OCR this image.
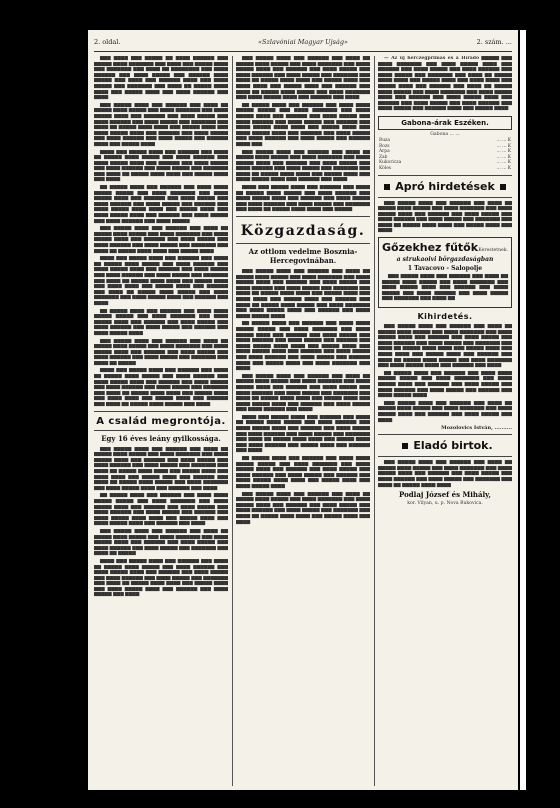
2. oldal.	«Szlavóniai Magyar Ujság»	2. szám. ...

▆▆▆ ▆▆▆▆ ▆▆▆ ▆▆▆▆▆ ▆▆ ▆▆▆▆ ▆▆▆▆▆▆ ▆▆▆ ▆▆▆▆▆ ▆▆▆▆ ▆▆▆▆▆▆▆ ▆▆▆ ▆▆▆▆ ▆▆▆ ▆▆▆▆▆ ▆▆▆▆ ▆▆▆ ▆▆▆▆▆▆▆ ▆▆▆ ▆▆▆▆ ▆▆ ▆▆▆▆▆▆▆▆ ▆▆▆ ▆▆▆▆ ▆▆▆▆▆▆ ▆▆▆ ▆▆▆▆ ▆▆▆▆▆ ▆▆▆ ▆▆▆▆▆▆ ▆▆▆▆ ▆▆▆▆▆ ▆▆▆ ▆▆▆▆ ▆▆▆ ▆▆▆▆▆▆ ▆▆▆▆ ▆▆▆ ▆▆▆▆ ▆▆▆▆▆ ▆▆▆ ▆▆▆▆▆▆▆ ▆▆▆ ▆▆▆▆ ▆▆ ▆▆▆▆▆ ▆▆▆▆ ▆▆▆▆ ▆▆▆ ▆▆▆▆▆ ▆▆▆▆ ▆▆▆ ▆▆▆▆ ▆▆▆▆▆▆ ▆▆▆ ▆▆▆▆

▆▆▆ ▆▆▆▆▆ ▆▆▆▆ ▆▆▆ ▆▆▆▆▆▆ ▆▆▆ ▆▆▆▆ ▆▆ ▆▆▆▆▆ ▆▆▆▆ ▆▆▆▆▆ ▆▆▆ ▆▆▆▆ ▆▆▆▆▆▆▆ ▆▆▆ ▆▆▆▆ ▆▆▆▆▆ ▆▆▆▆ ▆▆▆ ▆▆▆▆▆▆ ▆▆▆ ▆▆▆▆ ▆▆▆▆▆ ▆▆▆ ▆▆▆▆ ▆▆▆▆▆▆ ▆▆▆ ▆▆▆▆ ▆▆▆▆▆ ▆▆▆ ▆▆▆▆▆▆▆ ▆▆▆ ▆▆▆▆ ▆▆ ▆▆▆▆▆ ▆▆▆▆ ▆▆▆▆ ▆▆▆ ▆▆▆▆▆ ▆▆▆▆ ▆▆▆ ▆▆▆▆ ▆▆▆▆▆ ▆▆▆▆ ▆▆▆ ▆▆▆▆▆▆ ▆▆▆ ▆▆▆▆ ▆▆▆▆▆ ▆▆▆ ▆▆▆▆ ▆▆▆▆▆▆ ▆▆▆ ▆▆▆▆ ▆▆▆▆▆ ▆▆▆ ▆▆▆▆▆▆ ▆▆▆▆ ▆▆▆ ▆▆▆▆▆ ▆▆▆▆

▆▆▆▆ ▆▆▆ ▆▆▆▆▆ ▆▆▆▆ ▆▆▆ ▆▆▆▆▆▆ ▆▆▆ ▆▆▆▆ ▆▆ ▆▆▆▆▆ ▆▆▆▆ ▆▆▆▆▆ ▆▆▆ ▆▆▆▆ ▆▆▆▆▆▆ ▆▆▆ ▆▆▆▆ ▆▆▆▆▆ ▆▆▆▆ ▆▆▆ ▆▆▆▆▆▆ ▆▆▆ ▆▆▆▆ ▆▆▆▆▆ ▆▆▆ ▆▆▆▆ ▆▆▆▆▆▆ ▆▆▆ ▆▆▆▆ ▆▆▆▆▆ ▆▆▆ ▆▆▆▆▆▆▆ ▆▆▆ ▆▆▆▆ ▆▆ ▆▆▆▆▆ ▆▆▆▆ ▆▆▆▆ ▆▆▆ ▆▆▆▆▆ ▆▆▆▆ ▆▆▆ ▆▆▆▆

▆▆ ▆▆▆▆▆ ▆▆▆▆ ▆▆▆ ▆▆▆▆▆▆ ▆▆▆ ▆▆▆▆ ▆▆▆▆ ▆▆▆▆▆ ▆▆▆▆▆ ▆▆▆ ▆▆▆▆ ▆▆▆▆▆▆▆ ▆▆▆ ▆▆▆▆ ▆▆▆▆▆ ▆▆▆▆ ▆▆▆ ▆▆▆▆▆▆ ▆▆▆ ▆▆▆▆ ▆▆▆▆▆ ▆▆▆ ▆▆▆▆ ▆▆▆▆▆▆ ▆▆▆ ▆▆▆▆ ▆▆▆▆▆ ▆▆▆ ▆▆▆▆▆▆ ▆▆▆ ▆▆▆▆ ▆▆▆▆▆ ▆▆▆▆ ▆▆▆▆ ▆▆▆ ▆▆▆▆▆ ▆▆▆▆ ▆▆▆ ▆▆▆▆ ▆▆▆▆▆ ▆▆▆▆ ▆▆▆ ▆▆▆▆▆▆ ▆▆▆ ▆▆▆▆ ▆▆▆▆▆ ▆▆▆ ▆▆▆▆ ▆▆▆▆▆▆ ▆▆▆ ▆▆▆▆ ▆▆▆▆▆

▆▆▆ ▆▆▆▆▆ ▆▆▆▆ ▆▆▆ ▆▆▆▆▆▆ ▆▆▆ ▆▆▆▆ ▆▆ ▆▆▆▆▆ ▆▆▆▆ ▆▆▆▆▆ ▆▆▆ ▆▆▆▆ ▆▆▆▆▆▆▆ ▆▆▆ ▆▆▆▆ ▆▆▆▆▆ ▆▆▆▆ ▆▆▆ ▆▆▆▆▆▆ ▆▆▆ ▆▆▆▆ ▆▆▆▆▆ ▆▆▆ ▆▆▆▆ ▆▆▆▆▆▆ ▆▆▆ ▆▆▆▆ ▆▆▆▆▆ ▆▆▆ ▆▆▆▆▆▆▆ ▆▆▆ ▆▆▆▆ ▆▆ ▆▆▆▆▆ ▆▆▆▆ ▆▆▆▆ ▆▆▆ ▆▆▆▆▆ ▆▆▆▆

▆▆▆▆ ▆▆▆ ▆▆▆▆▆ ▆▆▆▆ ▆▆▆ ▆▆▆▆▆▆ ▆▆▆ ▆▆▆▆ ▆▆ ▆▆▆▆▆ ▆▆▆▆ ▆▆▆▆▆ ▆▆▆ ▆▆▆▆ ▆▆▆▆▆▆ ▆▆▆ ▆▆▆▆ ▆▆▆▆▆ ▆▆▆▆ ▆▆▆ ▆▆▆▆▆▆ ▆▆▆ ▆▆▆▆ ▆▆▆▆▆ ▆▆▆ ▆▆▆▆ ▆▆▆▆▆▆ ▆▆▆ ▆▆▆▆ ▆▆▆▆▆ ▆▆▆ ▆▆▆▆▆▆▆ ▆▆▆ ▆▆▆▆ ▆▆ ▆▆▆▆▆ ▆▆▆▆ ▆▆▆▆ ▆▆▆ ▆▆▆▆▆ ▆▆▆▆ ▆▆▆ ▆▆▆▆ ▆▆▆▆ ▆▆▆ ▆▆▆▆▆ ▆▆▆▆ ▆▆▆ ▆▆▆▆▆▆ ▆▆▆ ▆▆▆▆ ▆▆ ▆▆▆▆▆ ▆▆▆▆ ▆▆▆▆▆ ▆▆▆ ▆▆▆▆ ▆▆▆▆▆▆▆ ▆▆▆ ▆▆▆▆ ▆▆▆▆▆ ▆▆▆▆ ▆▆▆ ▆▆▆▆▆▆ ▆▆▆ ▆▆▆▆

▆▆ ▆▆▆▆▆ ▆▆▆▆ ▆▆▆ ▆▆▆▆▆▆ ▆▆▆ ▆▆▆▆ ▆▆▆▆ ▆▆▆▆▆ ▆▆▆▆▆ ▆▆▆ ▆▆▆▆ ▆▆▆▆▆▆▆ ▆▆▆ ▆▆▆▆ ▆▆▆▆▆ ▆▆▆▆ ▆▆▆ ▆▆▆▆▆▆ ▆▆▆ ▆▆▆▆ ▆▆▆▆▆ ▆▆▆ ▆▆▆▆ ▆▆▆▆▆▆ ▆▆▆ ▆▆▆▆ ▆▆▆▆▆ ▆▆▆ ▆▆▆▆▆▆ ▆▆▆ ▆▆▆▆ ▆▆▆▆▆ ▆▆▆▆

▆▆▆ ▆▆▆▆▆ ▆▆▆▆ ▆▆▆ ▆▆▆▆▆▆ ▆▆▆ ▆▆▆▆ ▆▆ ▆▆▆▆▆ ▆▆▆▆ ▆▆▆▆▆ ▆▆▆ ▆▆▆▆ ▆▆▆▆▆▆▆ ▆▆▆ ▆▆▆▆ ▆▆▆▆▆ ▆▆▆▆ ▆▆▆ ▆▆▆▆▆▆ ▆▆▆ ▆▆▆▆ ▆▆▆▆▆ ▆▆▆ ▆▆▆▆ ▆▆▆▆▆▆ ▆▆▆ ▆▆▆▆ ▆▆▆▆▆ ▆▆▆ ▆▆▆▆▆▆▆ ▆▆▆ ▆▆▆▆ ▆▆ ▆▆▆▆▆

▆▆▆▆ ▆▆▆ ▆▆▆▆▆ ▆▆▆▆ ▆▆▆ ▆▆▆▆▆▆ ▆▆▆ ▆▆▆▆ ▆▆ ▆▆▆▆▆ ▆▆▆▆ ▆▆▆▆▆ ▆▆▆ ▆▆▆▆ ▆▆▆▆▆▆ ▆▆▆ ▆▆▆▆ ▆▆▆▆▆ ▆▆▆▆ ▆▆▆ ▆▆▆▆▆▆ ▆▆▆ ▆▆▆▆ ▆▆▆▆▆ ▆▆▆ ▆▆▆▆ ▆▆▆▆▆▆ ▆▆▆ ▆▆▆▆ ▆▆▆▆▆ ▆▆▆ ▆▆▆▆▆▆▆ ▆▆▆ ▆▆▆▆ ▆▆ ▆▆▆▆▆ ▆▆▆▆ ▆▆▆▆ ▆▆▆ ▆▆▆▆▆ ▆▆▆▆ ▆▆▆ ▆▆▆▆ ▆▆▆▆ ▆▆▆ ▆▆▆▆▆ ▆▆▆▆ ▆▆▆ ▆▆▆▆▆▆ ▆▆▆ ▆▆▆▆ ▆▆ ▆▆▆▆▆ ▆▆▆▆ ▆▆▆▆▆ ▆▆▆ ▆▆▆▆

A család megrontója.
Egy 16 éves leány gyilkossága.

▆▆▆ ▆▆▆▆▆ ▆▆▆▆ ▆▆▆ ▆▆▆▆▆▆ ▆▆▆ ▆▆▆▆ ▆▆ ▆▆▆▆▆ ▆▆▆▆ ▆▆▆▆▆ ▆▆▆ ▆▆▆▆ ▆▆▆▆▆▆▆ ▆▆▆ ▆▆▆▆ ▆▆▆▆▆ ▆▆▆▆ ▆▆▆ ▆▆▆▆▆▆ ▆▆▆ ▆▆▆▆ ▆▆▆▆▆ ▆▆▆ ▆▆▆▆ ▆▆▆▆▆▆ ▆▆▆ ▆▆▆▆ ▆▆▆▆▆ ▆▆▆ ▆▆▆▆▆▆▆ ▆▆▆ ▆▆▆▆ ▆▆ ▆▆▆▆▆ ▆▆▆▆ ▆▆▆▆ ▆▆▆ ▆▆▆▆▆ ▆▆▆▆ ▆▆▆ ▆▆▆▆ ▆▆▆▆ ▆▆▆ ▆▆▆▆▆ ▆▆▆▆ ▆▆▆ ▆▆▆▆▆▆ ▆▆▆ ▆▆▆▆ ▆▆ ▆▆▆▆▆ ▆▆▆▆ ▆▆▆▆▆ ▆▆▆ ▆▆▆▆ ▆▆▆▆▆▆▆ ▆▆▆ ▆▆▆▆ ▆▆▆▆▆ ▆▆▆▆ ▆▆▆ ▆▆▆▆▆▆ ▆▆▆ ▆▆▆▆

▆▆ ▆▆▆▆▆ ▆▆▆▆ ▆▆▆ ▆▆▆▆▆▆ ▆▆▆ ▆▆▆▆ ▆▆▆▆ ▆▆▆▆▆ ▆▆▆▆▆ ▆▆▆ ▆▆▆▆ ▆▆▆▆▆▆▆ ▆▆▆ ▆▆▆▆ ▆▆▆▆▆ ▆▆▆▆ ▆▆▆ ▆▆▆▆▆▆ ▆▆▆ ▆▆▆▆ ▆▆▆▆▆ ▆▆▆ ▆▆▆▆ ▆▆▆▆▆▆ ▆▆▆ ▆▆▆▆ ▆▆▆▆▆ ▆▆▆ ▆▆▆▆▆▆ ▆▆▆ ▆▆▆▆ ▆▆▆▆▆ ▆▆▆▆ ▆▆▆▆ ▆▆▆ ▆▆▆▆▆ ▆▆▆▆ ▆▆▆ ▆▆▆▆ ▆▆▆▆▆ ▆▆▆▆ ▆▆▆ ▆▆▆▆▆▆ ▆▆▆ ▆▆▆▆

▆▆▆ ▆▆▆▆▆ ▆▆▆▆ ▆▆▆ ▆▆▆▆▆▆ ▆▆▆ ▆▆▆▆ ▆▆ ▆▆▆▆▆ ▆▆▆▆ ▆▆▆▆▆ ▆▆▆ ▆▆▆▆ ▆▆▆▆▆▆▆ ▆▆▆ ▆▆▆▆ ▆▆▆▆▆ ▆▆▆▆ ▆▆▆ ▆▆▆▆▆▆ ▆▆▆ ▆▆▆▆ ▆▆▆▆▆ ▆▆▆ ▆▆▆▆ ▆▆▆▆▆▆ ▆▆▆ ▆▆▆▆ ▆▆▆▆▆ ▆▆▆ ▆▆▆▆▆▆▆ ▆▆▆ ▆▆▆▆ ▆▆ ▆▆▆▆▆

▆▆▆▆ ▆▆▆ ▆▆▆▆▆ ▆▆▆▆ ▆▆▆ ▆▆▆▆▆▆ ▆▆▆ ▆▆▆▆ ▆▆ ▆▆▆▆▆ ▆▆▆▆ ▆▆▆▆▆ ▆▆▆ ▆▆▆▆ ▆▆▆▆▆▆ ▆▆▆ ▆▆▆▆ ▆▆▆▆▆ ▆▆▆▆ ▆▆▆ ▆▆▆▆▆▆ ▆▆▆ ▆▆▆▆ ▆▆▆▆▆ ▆▆▆ ▆▆▆▆ ▆▆▆▆▆▆ ▆▆▆ ▆▆▆▆ ▆▆▆▆▆ ▆▆▆ ▆▆▆▆▆▆▆ ▆▆▆ ▆▆▆▆ ▆▆ ▆▆▆▆▆ ▆▆▆▆ ▆▆▆▆ ▆▆▆ ▆▆▆▆▆ ▆▆▆▆ ▆▆▆ ▆▆▆▆ ▆▆▆▆▆ ▆▆▆▆ ▆▆▆ ▆▆▆▆▆▆ ▆▆▆ ▆▆▆▆ ▆▆▆▆▆ ▆▆▆ ▆▆▆▆

▆▆▆ ▆▆▆▆▆ ▆▆▆▆ ▆▆▆ ▆▆▆▆▆▆ ▆▆▆ ▆▆▆▆ ▆▆ ▆▆▆▆▆ ▆▆▆▆ ▆▆▆▆▆ ▆▆▆ ▆▆▆▆ ▆▆▆▆▆▆▆ ▆▆▆ ▆▆▆▆ ▆▆▆▆▆ ▆▆▆▆ ▆▆▆ ▆▆▆▆▆▆ ▆▆▆ ▆▆▆▆ ▆▆▆▆▆ ▆▆▆ ▆▆▆▆ ▆▆▆▆▆▆ ▆▆▆ ▆▆▆▆ ▆▆▆▆▆ ▆▆▆ ▆▆▆▆▆▆▆ ▆▆▆ ▆▆▆▆ ▆▆ ▆▆▆▆▆ ▆▆▆▆ ▆▆▆▆ ▆▆▆ ▆▆▆▆▆ ▆▆▆▆ ▆▆▆ ▆▆▆▆ ▆▆▆▆ ▆▆▆ ▆▆▆▆▆ ▆▆▆▆ ▆▆▆ ▆▆▆▆▆▆ ▆▆▆ ▆▆▆▆ ▆▆ ▆▆▆▆▆ ▆▆▆▆ ▆▆▆▆▆ ▆▆▆ ▆▆▆▆ ▆▆▆▆▆▆▆ ▆▆▆ ▆▆▆▆ ▆▆▆▆▆ ▆▆▆▆ ▆▆▆ ▆▆▆▆▆▆ ▆▆▆ ▆▆▆▆

▆▆ ▆▆▆▆▆ ▆▆▆▆ ▆▆▆ ▆▆▆▆▆▆ ▆▆▆ ▆▆▆▆ ▆▆▆▆ ▆▆▆▆▆ ▆▆▆▆▆ ▆▆▆ ▆▆▆▆ ▆▆▆▆▆▆▆ ▆▆▆ ▆▆▆▆ ▆▆▆▆▆ ▆▆▆▆ ▆▆▆ ▆▆▆▆▆▆ ▆▆▆ ▆▆▆▆ ▆▆▆▆▆ ▆▆▆ ▆▆▆▆ ▆▆▆▆▆▆ ▆▆▆ ▆▆▆▆ ▆▆▆▆▆ ▆▆▆ ▆▆▆▆▆▆ ▆▆▆ ▆▆▆▆ ▆▆▆▆▆ ▆▆▆▆ ▆▆▆▆ ▆▆▆ ▆▆▆▆▆ ▆▆▆▆ ▆▆▆ ▆▆▆▆ ▆▆▆▆▆ ▆▆▆▆ ▆▆▆ ▆▆▆▆▆▆ ▆▆▆ ▆▆▆▆ ▆▆▆▆▆ ▆▆▆ ▆▆▆▆ ▆▆▆▆▆▆ ▆▆▆ ▆▆▆▆ ▆▆▆▆▆ ▆▆▆ ▆▆▆▆▆▆ ▆▆▆▆ ▆▆▆

▆▆▆ ▆▆▆▆▆ ▆▆▆▆ ▆▆▆ ▆▆▆▆▆▆ ▆▆▆ ▆▆▆▆ ▆▆ ▆▆▆▆▆ ▆▆▆▆ ▆▆▆▆▆ ▆▆▆ ▆▆▆▆ ▆▆▆▆▆▆▆ ▆▆▆ ▆▆▆▆ ▆▆▆▆▆ ▆▆▆▆ ▆▆▆ ▆▆▆▆▆▆ ▆▆▆ ▆▆▆▆ ▆▆▆▆▆ ▆▆▆ ▆▆▆▆ ▆▆▆▆▆▆ ▆▆▆ ▆▆▆▆ ▆▆▆▆▆ ▆▆▆ ▆▆▆▆▆▆▆ ▆▆▆ ▆▆▆▆ ▆▆ ▆▆▆▆▆ ▆▆▆▆ ▆▆▆▆ ▆▆▆ ▆▆▆▆▆ ▆▆▆▆ ▆▆▆ ▆▆▆▆ ▆▆▆▆▆ ▆▆▆▆ ▆▆▆ ▆▆▆▆▆▆ ▆▆▆ ▆▆▆▆

▆▆▆▆ ▆▆▆ ▆▆▆▆▆ ▆▆▆▆ ▆▆▆ ▆▆▆▆▆▆ ▆▆▆ ▆▆▆▆ ▆▆ ▆▆▆▆▆ ▆▆▆▆ ▆▆▆▆▆ ▆▆▆ ▆▆▆▆ ▆▆▆▆▆▆ ▆▆▆ ▆▆▆▆ ▆▆▆▆▆ ▆▆▆▆ ▆▆▆ ▆▆▆▆▆▆ ▆▆▆ ▆▆▆▆ ▆▆▆▆▆ ▆▆▆ ▆▆▆▆ ▆▆▆▆▆▆ ▆▆▆ ▆▆▆▆ ▆▆▆▆▆ ▆▆▆ ▆▆▆▆▆▆▆ ▆▆▆ ▆▆▆▆ ▆▆ ▆▆▆▆▆ ▆▆▆▆ ▆▆▆▆ ▆▆▆ ▆▆▆▆▆

Közgazdaság.
Az ottlom vedelme Bosznia-Hercegovinában.

▆▆▆ ▆▆▆▆▆ ▆▆▆▆ ▆▆▆ ▆▆▆▆▆▆ ▆▆▆ ▆▆▆▆ ▆▆ ▆▆▆▆▆ ▆▆▆▆ ▆▆▆▆▆ ▆▆▆ ▆▆▆▆ ▆▆▆▆▆▆▆ ▆▆▆ ▆▆▆▆ ▆▆▆▆▆ ▆▆▆▆ ▆▆▆ ▆▆▆▆▆▆ ▆▆▆ ▆▆▆▆ ▆▆▆▆▆ ▆▆▆ ▆▆▆▆ ▆▆▆▆▆▆ ▆▆▆ ▆▆▆▆ ▆▆▆▆▆ ▆▆▆ ▆▆▆▆▆▆▆ ▆▆▆ ▆▆▆▆ ▆▆ ▆▆▆▆▆ ▆▆▆▆ ▆▆▆▆ ▆▆▆ ▆▆▆▆▆ ▆▆▆▆ ▆▆▆ ▆▆▆▆ ▆▆▆▆ ▆▆▆ ▆▆▆▆▆ ▆▆▆▆ ▆▆▆ ▆▆▆▆▆▆ ▆▆▆ ▆▆▆▆ ▆▆ ▆▆▆▆▆ ▆▆▆▆ ▆▆▆▆▆ ▆▆▆ ▆▆▆▆ ▆▆▆▆▆▆▆ ▆▆▆ ▆▆▆▆ ▆▆▆▆▆ ▆▆▆▆ ▆▆▆ ▆▆▆▆▆▆ ▆▆▆ ▆▆▆▆ ▆▆▆▆ ▆▆▆▆▆ ▆▆▆▆

▆▆ ▆▆▆▆▆ ▆▆▆▆ ▆▆▆ ▆▆▆▆▆▆ ▆▆▆ ▆▆▆▆ ▆▆▆▆ ▆▆▆▆▆ ▆▆▆▆▆ ▆▆▆ ▆▆▆▆ ▆▆▆▆▆▆▆ ▆▆▆ ▆▆▆▆ ▆▆▆▆▆ ▆▆▆▆ ▆▆▆ ▆▆▆▆▆▆ ▆▆▆ ▆▆▆▆ ▆▆▆▆▆ ▆▆▆ ▆▆▆▆ ▆▆▆▆▆▆ ▆▆▆ ▆▆▆▆ ▆▆▆▆▆ ▆▆▆ ▆▆▆▆▆▆ ▆▆▆ ▆▆▆▆ ▆▆▆▆▆ ▆▆▆▆ ▆▆▆▆ ▆▆▆ ▆▆▆▆▆ ▆▆▆▆ ▆▆▆ ▆▆▆▆ ▆▆▆▆▆ ▆▆▆▆ ▆▆▆ ▆▆▆▆▆▆ ▆▆▆ ▆▆▆▆ ▆▆▆▆▆ ▆▆▆ ▆▆▆▆ ▆▆▆▆▆▆ ▆▆▆ ▆▆▆▆ ▆▆▆▆▆ ▆▆▆ ▆▆▆▆▆▆ ▆▆▆▆ ▆▆▆ ▆▆▆▆▆ ▆▆▆▆ ▆▆▆ ▆▆▆▆ ▆▆▆▆▆▆▆ ▆▆▆ ▆▆▆▆

▆▆▆ ▆▆▆▆▆ ▆▆▆▆ ▆▆▆ ▆▆▆▆▆▆ ▆▆▆ ▆▆▆▆ ▆▆ ▆▆▆▆▆ ▆▆▆▆ ▆▆▆▆▆ ▆▆▆ ▆▆▆▆ ▆▆▆▆▆▆▆ ▆▆▆ ▆▆▆▆ ▆▆▆▆▆ ▆▆▆▆ ▆▆▆ ▆▆▆▆▆▆ ▆▆▆ ▆▆▆▆ ▆▆▆▆▆ ▆▆▆ ▆▆▆▆ ▆▆▆▆▆▆ ▆▆▆ ▆▆▆▆ ▆▆▆▆▆ ▆▆▆ ▆▆▆▆▆▆▆ ▆▆▆ ▆▆▆▆ ▆▆ ▆▆▆▆▆ ▆▆▆▆ ▆▆▆▆ ▆▆▆ ▆▆▆▆▆ ▆▆▆▆ ▆▆▆ ▆▆▆▆ ▆▆▆▆▆ ▆▆▆▆ ▆▆▆ ▆▆▆▆▆▆ ▆▆▆ ▆▆▆▆ ▆▆▆▆▆ ▆▆▆ ▆▆▆▆ ▆▆▆▆▆▆ ▆▆▆ ▆▆▆▆

▆▆▆▆ ▆▆▆ ▆▆▆▆▆ ▆▆▆▆ ▆▆▆ ▆▆▆▆▆▆ ▆▆▆ ▆▆▆▆ ▆▆ ▆▆▆▆▆ ▆▆▆▆ ▆▆▆▆▆ ▆▆▆ ▆▆▆▆ ▆▆▆▆▆▆ ▆▆▆ ▆▆▆▆ ▆▆▆▆▆ ▆▆▆▆ ▆▆▆ ▆▆▆▆▆▆ ▆▆▆ ▆▆▆▆ ▆▆▆▆▆ ▆▆▆ ▆▆▆▆ ▆▆▆▆▆▆ ▆▆▆ ▆▆▆▆ ▆▆▆▆▆ ▆▆▆ ▆▆▆▆▆▆▆ ▆▆▆ ▆▆▆▆ ▆▆ ▆▆▆▆▆ ▆▆▆▆ ▆▆▆▆ ▆▆▆ ▆▆▆▆▆ ▆▆▆▆ ▆▆▆ ▆▆▆▆ ▆▆▆▆▆▆ ▆▆▆ ▆▆▆▆▆ ▆▆▆▆ ▆▆▆ ▆▆▆▆▆▆ ▆▆▆ ▆▆▆▆

▆▆ ▆▆▆▆▆ ▆▆▆▆ ▆▆▆ ▆▆▆▆▆▆ ▆▆▆ ▆▆▆▆ ▆▆▆▆ ▆▆▆▆▆ ▆▆▆▆▆ ▆▆▆ ▆▆▆▆ ▆▆▆▆▆▆▆ ▆▆▆ ▆▆▆▆ ▆▆▆▆▆ ▆▆▆▆ ▆▆▆ ▆▆▆▆▆▆ ▆▆▆ ▆▆▆▆ ▆▆▆▆▆ ▆▆▆ ▆▆▆▆ ▆▆▆▆▆▆ ▆▆▆ ▆▆▆▆ ▆▆▆▆▆ ▆▆▆ ▆▆▆▆▆▆ ▆▆▆ ▆▆▆▆ ▆▆▆▆▆ ▆▆▆▆ ▆▆▆▆ ▆▆▆ ▆▆▆▆▆ ▆▆▆▆ ▆▆▆ ▆▆▆▆ ▆▆▆▆▆ ▆▆▆▆

▆▆▆ ▆▆▆▆▆ ▆▆▆▆ ▆▆▆ ▆▆▆▆▆▆ ▆▆▆ ▆▆▆▆ ▆▆ ▆▆▆▆▆ ▆▆▆▆ ▆▆▆▆▆ ▆▆▆ ▆▆▆▆ ▆▆▆▆▆▆▆ ▆▆▆ ▆▆▆▆ ▆▆▆▆▆ ▆▆▆▆ ▆▆▆ ▆▆▆▆▆▆ ▆▆▆ ▆▆▆▆ ▆▆▆▆▆ ▆▆▆ ▆▆▆▆ ▆▆▆▆▆▆ ▆▆▆ ▆▆▆▆ ▆▆▆▆▆ ▆▆▆ ▆▆▆▆▆▆▆ ▆▆▆ ▆▆▆▆ ▆▆ ▆▆▆▆▆ ▆▆▆▆ ▆▆▆▆ ▆▆▆ ▆▆▆▆▆ ▆▆▆▆ ▆▆▆ ▆▆▆▆

— Az uj herczegprimás és a Híradó ▆▆▆▆▆ ▆▆▆ ▆▆▆▆ ▆▆▆▆▆▆▆ ▆▆▆ ▆▆▆▆ ▆▆▆▆▆ ▆▆▆▆ ▆▆▆ ▆▆▆▆▆▆ ▆▆▆ ▆▆▆▆ ▆▆▆▆▆ ▆▆▆ ▆▆▆▆ ▆▆▆▆▆▆ ▆▆▆ ▆▆▆▆ ▆▆▆▆▆ ▆▆▆ ▆▆▆▆▆▆▆ ▆▆▆ ▆▆▆▆ ▆▆ ▆▆▆▆▆ ▆▆▆▆ ▆▆▆▆ ▆▆▆ ▆▆▆▆▆ ▆▆▆▆ ▆▆▆ ▆▆▆▆ ▆▆▆▆ ▆▆▆ ▆▆▆▆▆ ▆▆▆▆ ▆▆▆ ▆▆▆▆▆▆ ▆▆▆ ▆▆▆▆ ▆▆ ▆▆▆▆▆ ▆▆▆▆ ▆▆▆▆▆ ▆▆▆ ▆▆▆▆ ▆▆▆▆▆▆▆ ▆▆▆ ▆▆▆▆ ▆▆▆▆▆ ▆▆▆▆ ▆▆▆ ▆▆▆▆▆▆ ▆▆▆ ▆▆▆▆ ▆▆▆▆▆ ▆▆▆▆ ▆▆▆ ▆▆▆▆▆▆ ▆▆▆ ▆▆▆▆ ▆▆▆▆▆ ▆▆▆ ▆▆▆▆ ▆▆▆▆▆▆ ▆▆▆ ▆▆▆▆ ▆▆▆▆▆ ▆▆▆ ▆▆▆▆▆▆ ▆▆▆▆ ▆▆▆ ▆▆▆▆▆ ▆▆▆▆

Gabona-árak Eszéken.
Gabona ... ...
Buza	... ... K
Rozs	... ... K
Árpa	... ... K
Zab	... ... K
Kukoricza	... ... K
Köles	... ... K
Apró hirdetések

▆▆▆ ▆▆▆▆▆ ▆▆▆▆ ▆▆▆ ▆▆▆▆▆▆ ▆▆▆ ▆▆▆▆ ▆▆ ▆▆▆▆▆ ▆▆▆▆ ▆▆▆▆▆ ▆▆▆ ▆▆▆▆ ▆▆▆▆▆▆▆ ▆▆▆ ▆▆▆▆ ▆▆▆▆▆ ▆▆▆▆ ▆▆▆ ▆▆▆▆▆▆ ▆▆▆ ▆▆▆▆ ▆▆▆▆▆ ▆▆▆ ▆▆▆▆ ▆▆▆▆▆▆ ▆▆▆ ▆▆▆▆ ▆▆▆▆▆ ▆▆▆ ▆▆▆▆▆▆▆ ▆▆▆ ▆▆▆▆ ▆▆ ▆▆▆▆▆ ▆▆▆▆ ▆▆▆▆ ▆▆▆ ▆▆▆▆▆ ▆▆▆▆ ▆▆▆ ▆▆▆▆

Gőzekhez fűtők Kerestetnek.
a strukaoivi börgazdaságban
1 Tavacovo - Salopolje

▆▆▆ ▆▆▆▆▆ ▆▆▆▆ ▆▆▆ ▆▆▆▆▆▆ ▆▆▆ ▆▆▆▆ ▆▆ ▆▆▆▆▆ ▆▆▆▆ ▆▆▆▆▆ ▆▆▆ ▆▆▆▆ ▆▆▆▆▆▆▆ ▆▆▆ ▆▆▆▆ ▆▆▆▆▆ ▆▆▆▆ ▆▆▆ ▆▆▆▆▆▆ ▆▆▆ ▆▆▆▆ ▆▆▆▆▆ ▆▆▆ ▆▆▆▆ ▆▆▆▆▆▆ ▆▆▆ ▆▆▆▆ ▆▆▆▆▆ ▆▆▆ ▆▆▆▆▆▆▆ ▆▆▆ ▆▆▆▆ ▆▆

Kihirdetés.

▆▆▆ ▆▆▆▆▆ ▆▆▆▆ ▆▆▆ ▆▆▆▆▆▆ ▆▆▆ ▆▆▆▆ ▆▆ ▆▆▆▆▆ ▆▆▆▆ ▆▆▆▆▆ ▆▆▆ ▆▆▆▆ ▆▆▆▆▆▆▆ ▆▆▆ ▆▆▆▆ ▆▆▆▆▆ ▆▆▆▆ ▆▆▆ ▆▆▆▆▆▆ ▆▆▆ ▆▆▆▆ ▆▆▆▆▆ ▆▆▆ ▆▆▆▆ ▆▆▆▆▆▆ ▆▆▆ ▆▆▆▆ ▆▆▆▆▆ ▆▆▆ ▆▆▆▆▆▆▆ ▆▆▆ ▆▆▆▆ ▆▆ ▆▆▆▆▆ ▆▆▆▆ ▆▆▆▆ ▆▆▆ ▆▆▆▆▆ ▆▆▆▆ ▆▆▆ ▆▆▆▆ ▆▆▆▆ ▆▆▆ ▆▆▆▆▆ ▆▆▆▆ ▆▆▆ ▆▆▆▆▆▆ ▆▆▆ ▆▆▆▆ ▆▆ ▆▆▆▆▆ ▆▆▆▆ ▆▆▆▆▆ ▆▆▆ ▆▆▆▆ ▆▆▆▆▆▆▆ ▆▆▆ ▆▆▆▆ ▆▆▆▆▆ ▆▆▆▆ ▆▆▆ ▆▆▆▆▆▆ ▆▆▆ ▆▆▆▆

▆▆ ▆▆▆▆▆ ▆▆▆▆ ▆▆▆ ▆▆▆▆▆▆ ▆▆▆ ▆▆▆▆ ▆▆▆▆ ▆▆▆▆▆ ▆▆▆▆▆ ▆▆▆ ▆▆▆▆ ▆▆▆▆▆▆▆ ▆▆▆ ▆▆▆▆ ▆▆▆▆▆ ▆▆▆▆ ▆▆▆ ▆▆▆▆▆▆ ▆▆▆ ▆▆▆▆ ▆▆▆▆▆ ▆▆▆ ▆▆▆▆ ▆▆▆▆▆▆ ▆▆▆ ▆▆▆▆ ▆▆▆▆▆ ▆▆▆ ▆▆▆▆▆▆ ▆▆▆ ▆▆▆▆ ▆▆▆▆▆ ▆▆▆▆

▆▆▆ ▆▆▆▆▆ ▆▆▆▆ ▆▆▆ ▆▆▆▆▆▆ ▆▆▆ ▆▆▆▆ ▆▆ ▆▆▆▆▆ ▆▆▆▆ ▆▆▆▆▆ ▆▆▆ ▆▆▆▆ ▆▆▆▆▆▆▆ ▆▆▆ ▆▆▆▆ ▆▆▆▆▆ ▆▆▆▆ ▆▆▆ ▆▆▆▆▆▆ ▆▆▆ ▆▆▆▆ ▆▆▆▆▆ ▆▆▆ ▆▆▆▆

Mozolovics István, ..........
Eladó birtok.

▆▆▆ ▆▆▆▆▆ ▆▆▆▆ ▆▆▆ ▆▆▆▆▆▆ ▆▆▆ ▆▆▆▆ ▆▆ ▆▆▆▆▆ ▆▆▆▆ ▆▆▆▆▆ ▆▆▆ ▆▆▆▆ ▆▆▆▆▆▆▆ ▆▆▆ ▆▆▆▆ ▆▆▆▆▆ ▆▆▆▆ ▆▆▆ ▆▆▆▆▆▆ ▆▆▆ ▆▆▆▆ ▆▆▆▆▆ ▆▆▆ ▆▆▆▆ ▆▆▆▆▆▆ ▆▆▆ ▆▆▆▆ ▆▆▆▆▆ ▆▆▆ ▆▆▆▆▆▆▆ ▆▆▆ ▆▆▆▆ ▆▆ ▆▆▆▆▆ ▆▆▆▆ ▆▆▆▆

Podlaj József és Mihály,
kor. Vilyan, u. p. Nova Bukovica.
